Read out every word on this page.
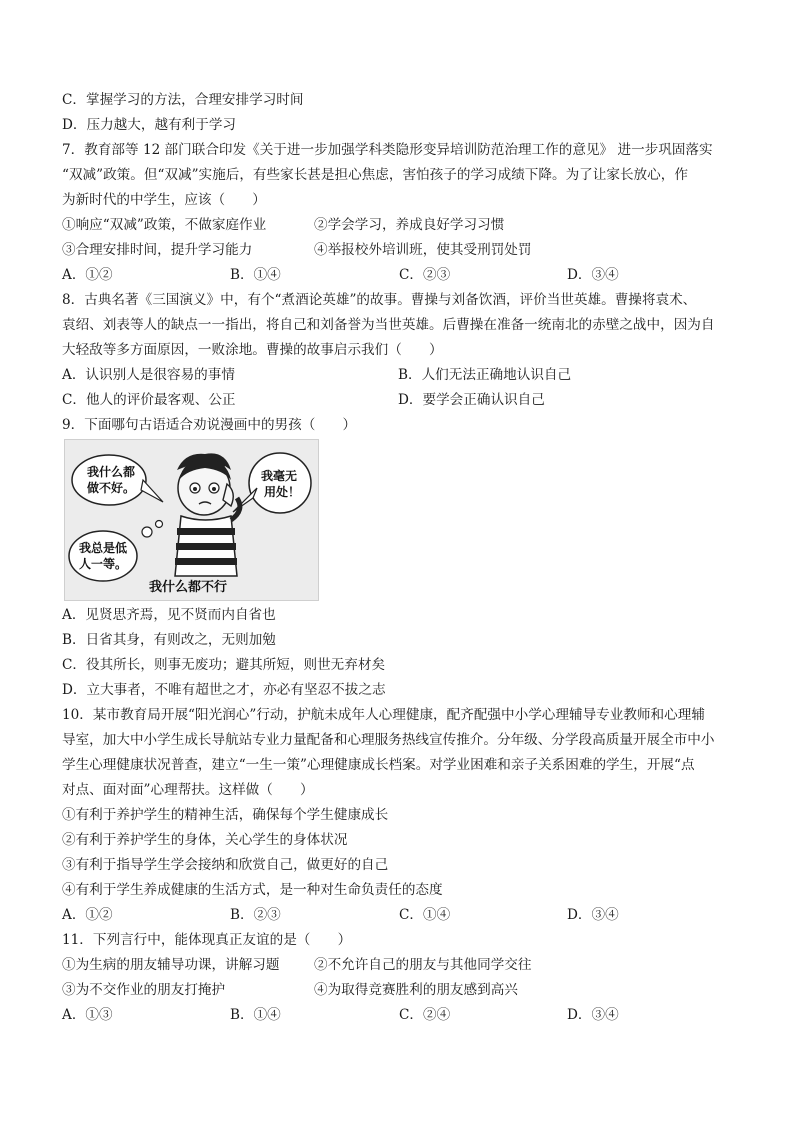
C．掌握学习的方法，合理安排学习时间
D．压力越大，越有利于学习
7．教育部等 12 部门联合印发《关于进一步加强学科类隐形变异培训防范治理工作的意见》 进一步巩固落实
“双减”政策。但“双减”实施后，有些家长甚是担心焦虑，害怕孩子的学习成绩下降。为了让家长放心，作
为新时代的中学生，应该（　　）
①响应“双减”政策，不做家庭作业	②学会学习，养成良好学习习惯
③合理安排时间，提升学习能力	④举报校外培训班，使其受刑罚处罚
A．①②	B．①④	C．②③	D．③④
8．古典名著《三国演义》中，有个“煮酒论英雄”的故事。曹操与刘备饮酒，评价当世英雄。曹操将袁术、
袁绍、刘表等人的缺点一一指出，将自己和刘备誉为当世英雄。后曹操在准备一统南北的赤壁之战中，因为自
大轻敌等多方面原因，一败涂地。曹操的故事启示我们（　　）
A．认识别人是很容易的事情	B．人们无法正确地认识自己
C．他人的评价最客观、公正	D．要学会正确认识自己
9．下面哪句古语适合劝说漫画中的男孩（　　）
我什么都
做不好。
我毫无
用处！
我总是低
人一等。
我什么都不行
A．见贤思齐焉，见不贤而内自省也
B．日省其身，有则改之，无则加勉
C．役其所长，则事无废功；避其所短，则世无弃材矣
D．立大事者，不唯有超世之才，亦必有坚忍不拔之志
10．某市教育局开展“阳光润心”行动，护航未成年人心理健康，配齐配强中小学心理辅导专业教师和心理辅
导室，加大中小学生成长导航站专业力量配备和心理服务热线宣传推介。分年级、分学段高质量开展全市中小
学生心理健康状况普查，建立“一生一策”心理健康成长档案。对学业困难和亲子关系困难的学生，开展“点
对点、面对面”心理帮扶。这样做（　　）
①有利于养护学生的精神生活，确保每个学生健康成长
②有利于养护学生的身体，关心学生的身体状况
③有利于指导学生学会接纳和欣赏自己，做更好的自己
④有利于学生养成健康的生活方式，是一种对生命负责任的态度
A．①②	B．②③	C．①④	D．③④
11．下列言行中，能体现真正友谊的是（　　）
①为生病的朋友辅导功课，讲解习题	②不允许自己的朋友与其他同学交往
③为不交作业的朋友打掩护	④为取得竞赛胜利的朋友感到高兴
A．①③	B．①④	C．②④	D．③④
